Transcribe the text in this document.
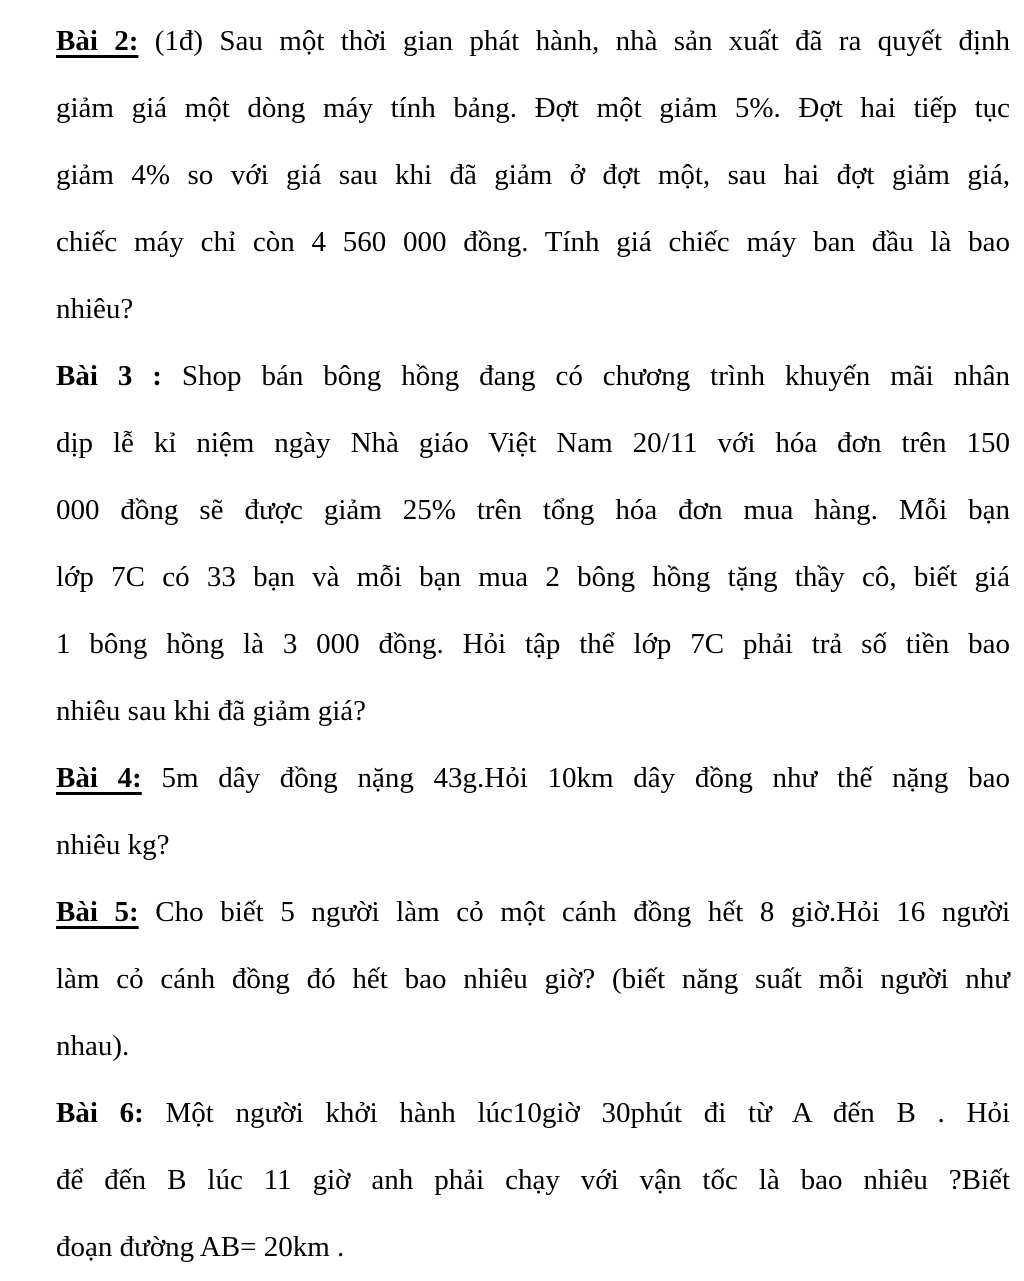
Bài 2: (1đ) Sau một thời gian phát hành, nhà sản xuất đã ra quyết định
giảm giá một dòng máy tính bảng. Đợt một giảm 5%. Đợt hai tiếp tục
giảm 4% so với giá sau khi đã giảm ở đợt một, sau hai đợt giảm giá,
chiếc máy chỉ còn 4 560 000 đồng. Tính giá chiếc máy ban đầu là bao
nhiêu?
Bài 3 : Shop bán bông hồng đang có chương trình khuyến mãi nhân
dịp lễ kỉ niệm ngày Nhà giáo Việt Nam 20/11 với hóa đơn trên 150
000 đồng sẽ được giảm 25% trên tổng hóa đơn mua hàng. Mỗi bạn
lớp 7C có 33 bạn và mỗi bạn mua 2 bông hồng tặng thầy cô, biết giá
1 bông hồng là 3 000 đồng. Hỏi tập thể lớp 7C phải trả số tiền bao
nhiêu sau khi đã giảm giá?
Bài 4: 5m dây đồng nặng 43g.Hỏi 10km dây đồng như thế nặng bao
nhiêu kg?
Bài 5: Cho biết 5 người làm cỏ một cánh đồng hết 8 giờ.Hỏi 16 người
làm cỏ cánh đồng đó hết bao nhiêu giờ? (biết năng suất mỗi người như
nhau).
Bài 6: Một người khởi hành lúc10giờ 30phút đi từ A đến B . Hỏi
để đến B lúc 11 giờ anh phải chạy với vận tốc là bao nhiêu ?Biết
đoạn đường AB= 20km .
